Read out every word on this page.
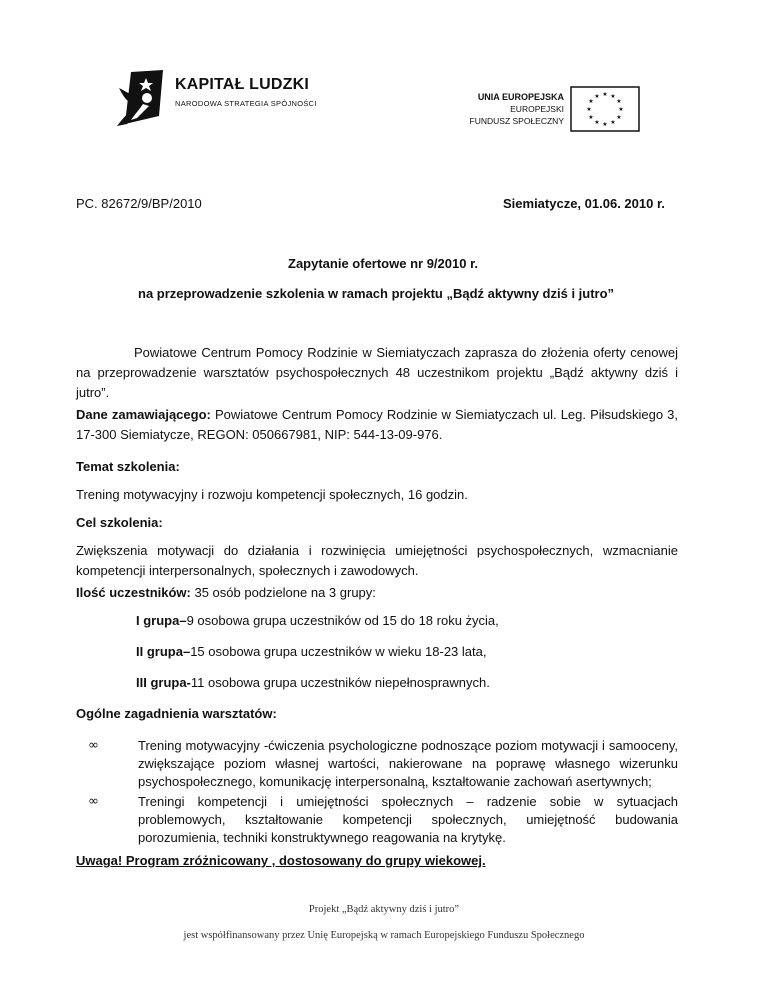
KAPITAŁ LUDZKI
NARODOWA STRATEGIA SPÓJNOŚCI
UNIA EUROPEJSKA
EUROPEJSKI
FUNDUSZ SPOŁECZNY
★ ★
★
★
★
★
★
★
★
★
★
★
PC. 82672/9/BP/2010	Siemiatycze, 01.06. 2010 r.
Zapytanie ofertowe nr 9/2010 r.
na przeprowadzenie szkolenia w ramach projektu „Bądź aktywny dziś i jutro”
Powiatowe Centrum Pomocy Rodzinie w Siemiatyczach zaprasza do złożenia oferty cenowej na przeprowadzenie warsztatów psychospołecznych 48 uczestnikom projektu „Bądź aktywny dziś i jutro”.
Dane zamawiającego: Powiatowe Centrum Pomocy Rodzinie w Siemiatyczach ul. Leg. Piłsudskiego 3, 17-300 Siemiatycze, REGON: 050667981, NIP: 544-13-09-976.
Temat szkolenia:
Trening motywacyjny i rozwoju kompetencji społecznych, 16 godzin.
Cel szkolenia:
Zwiększenia motywacji do działania i rozwinięcia umiejętności psychospołecznych, wzmacnianie kompetencji interpersonalnych, społecznych i zawodowych.
Ilość uczestników: 35 osób podzielone na 3 grupy:
I grupa–9 osobowa grupa uczestników od 15 do 18 roku życia,
II grupa–15 osobowa grupa uczestników w wieku 18-23 lata,
III grupa-11 osobowa grupa uczestników niepełnosprawnych.
Ogólne zagadnienia warsztatów:
∞	Trening motywacyjny -ćwiczenia psychologiczne podnoszące poziom motywacji i samooceny, zwiększające poziom własnej wartości, nakierowane na poprawę własnego wizerunku psychospołecznego, komunikację interpersonalną, kształtowanie zachowań asertywnych;
∞	Treningi kompetencji i umiejętności społecznych – radzenie sobie w sytuacjach problemowych, kształtowanie kompetencji społecznych, umiejętność budowania porozumienia, techniki konstruktywnego reagowania na krytykę.
Uwaga! Program zróżnicowany , dostosowany do grupy wiekowej.
Projekt „Bądź aktywny dziś i jutro”
jest współfinansowany przez Unię Europejską w ramach Europejskiego Funduszu Społecznego
